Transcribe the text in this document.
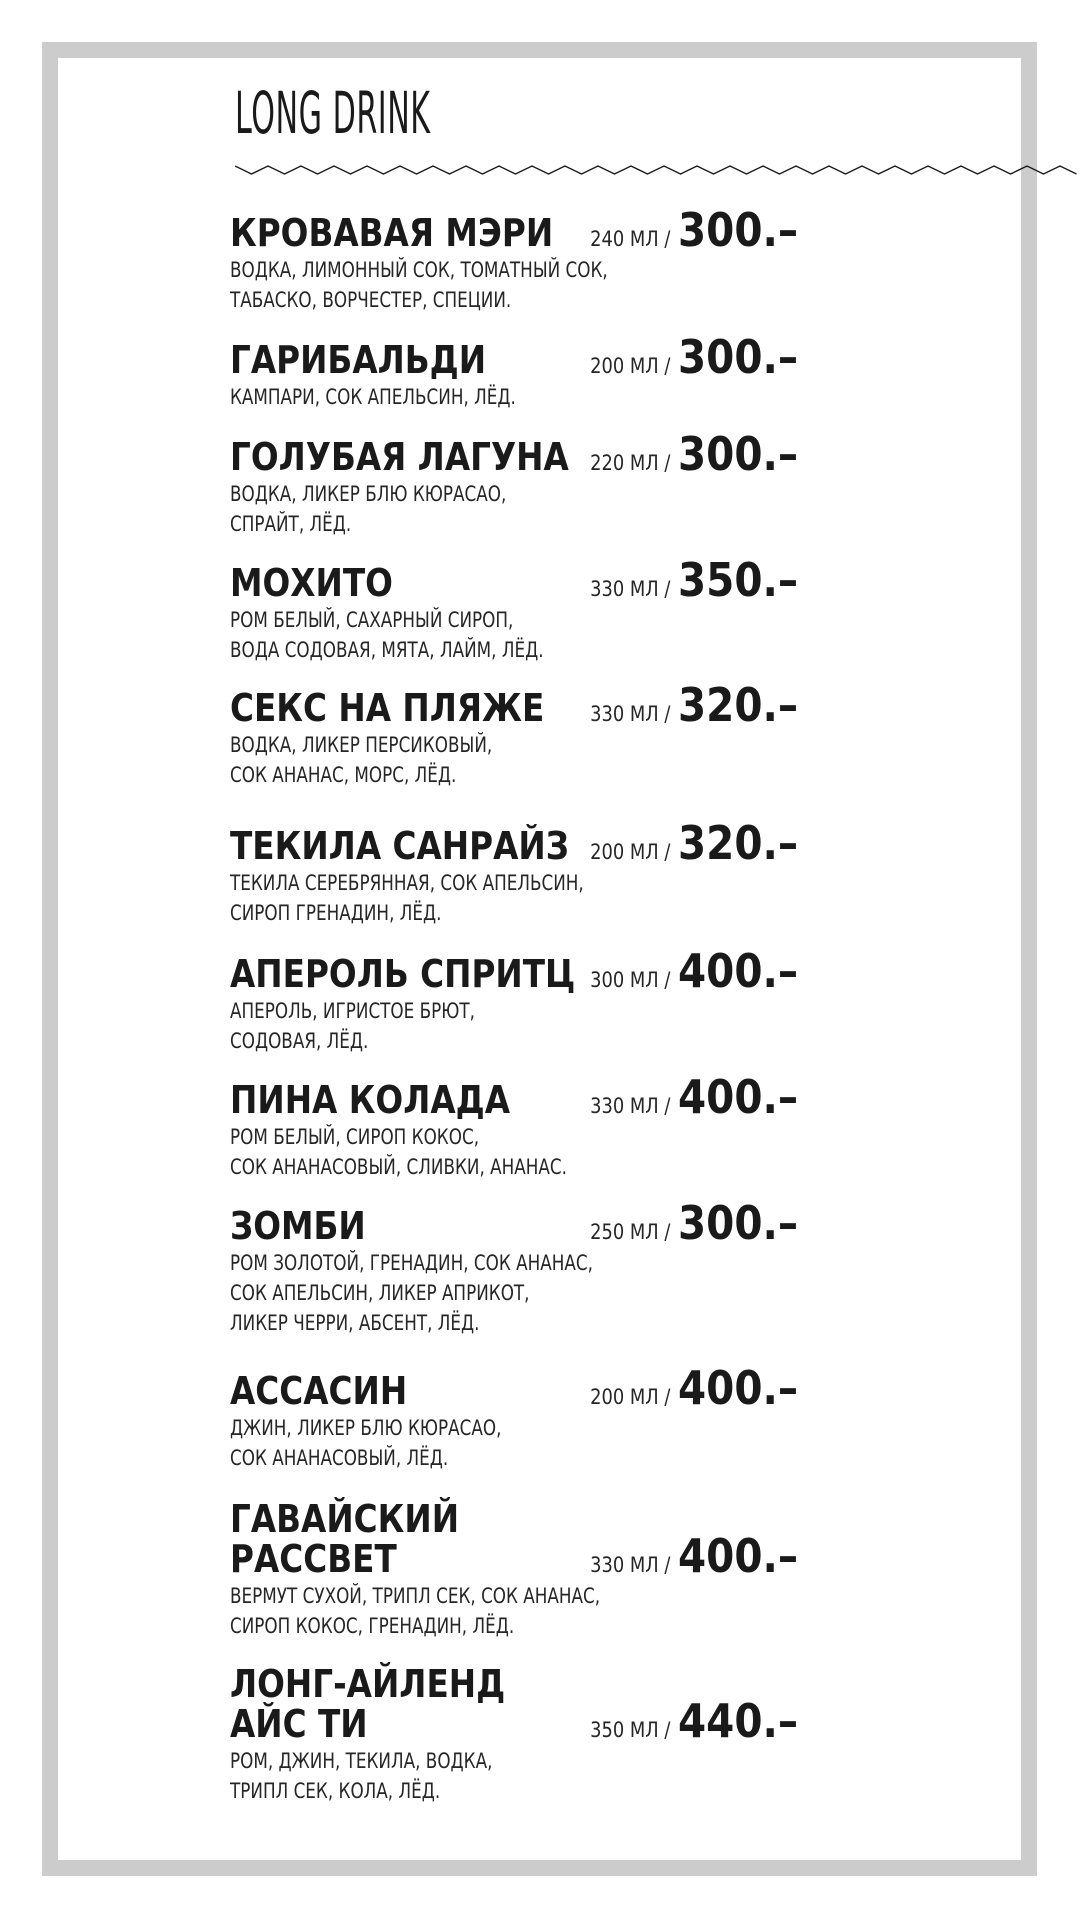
LONG DRINK
КРОВАВАЯ МЭРИ
ВОДКА, ЛИМОННЫЙ СОК, ТОМАТНЫЙ СОК,
ТАБАСКО, ВОРЧЕСТЕР, СПЕЦИИ.
240 МЛ / 300.–
ГАРИБАЛЬДИ
КАМПАРИ, СОК АПЕЛЬСИН, ЛЁД.
200 МЛ / 300.–
ГОЛУБАЯ ЛАГУНА
ВОДКА, ЛИКЕР БЛЮ КЮРАСАО,
СПРАЙТ, ЛЁД.
220 МЛ / 300.–
МОХИТО
РОМ БЕЛЫЙ, САХАРНЫЙ СИРОП,
ВОДА СОДОВАЯ, МЯТА, ЛАЙМ, ЛЁД.
330 МЛ / 350.–
СЕКС НА ПЛЯЖЕ
ВОДКА, ЛИКЕР ПЕРСИКОВЫЙ,
СОК АНАНАС, МОРС, ЛЁД.
330 МЛ / 320.–
ТЕКИЛА САНРАЙЗ
ТЕКИЛА СЕРЕБРЯННАЯ, СОК АПЕЛЬСИН,
СИРОП ГРЕНАДИН, ЛЁД.
200 МЛ / 320.–
АПЕРОЛЬ СПРИТЦ
АПЕРОЛЬ, ИГРИСТОЕ БРЮТ,
СОДОВАЯ, ЛЁД.
300 МЛ / 400.–
ПИНА КОЛАДА
РОМ БЕЛЫЙ, СИРОП КОКОС,
СОК АНАНАСОВЫЙ, СЛИВКИ, АНАНАС.
330 МЛ / 400.–
ЗОМБИ
РОМ ЗОЛОТОЙ, ГРЕНАДИН, СОК АНАНАС,
СОК АПЕЛЬСИН, ЛИКЕР АПРИКОТ,
ЛИКЕР ЧЕРРИ, АБСЕНТ, ЛЁД.
250 МЛ / 300.–
АССАСИН
ДЖИН, ЛИКЕР БЛЮ КЮРАСАО,
СОК АНАНАСОВЫЙ, ЛЁД.
200 МЛ / 400.–
ГАВАЙСКИЙ
РАССВЕТ
ВЕРМУТ СУХОЙ, ТРИПЛ СЕК, СОК АНАНАС,
СИРОП КОКОС, ГРЕНАДИН, ЛЁД.
330 МЛ / 400.–
ЛОНГ-АЙЛЕНД
АЙС ТИ
РОМ, ДЖИН, ТЕКИЛА, ВОДКА,
ТРИПЛ СЕК, КОЛА, ЛЁД.
350 МЛ / 440.–
